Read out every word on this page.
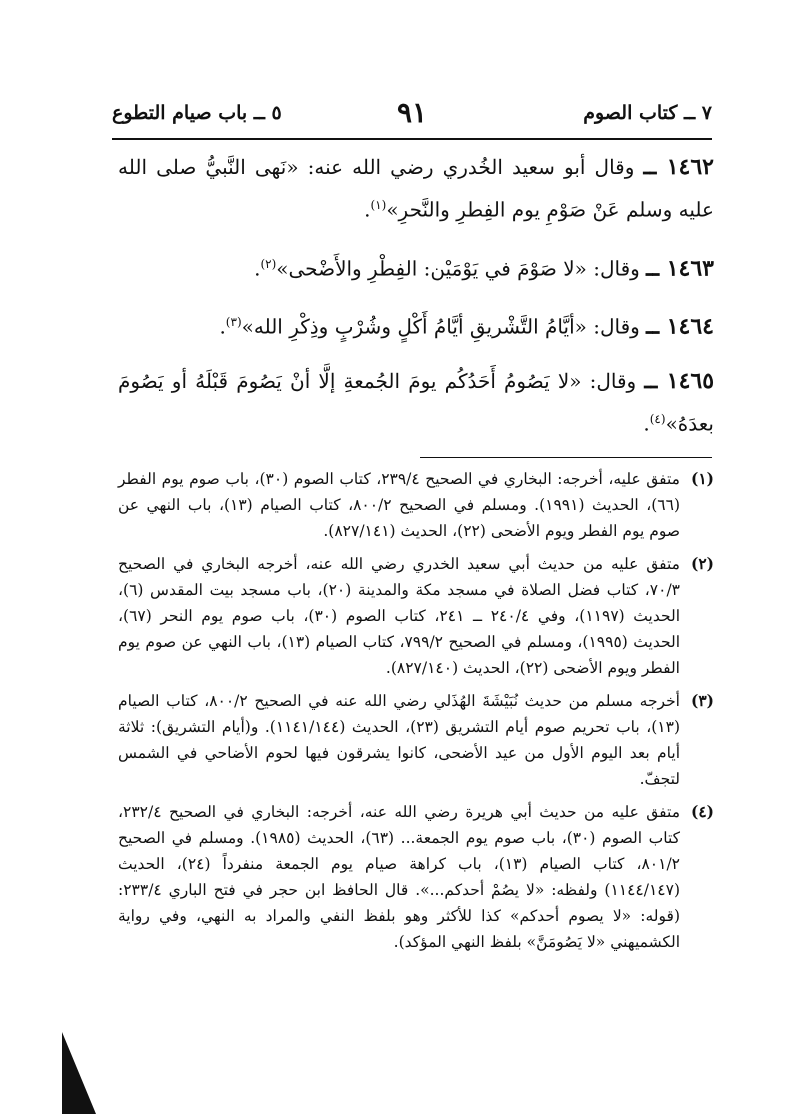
٧ ــ كتاب الصوم
٩١
٥ ــ باب صيام التطوع

١٤٦٢ ــ وقال أبو سعيد الخُدري رضي الله عنه: «نَهى النَّبيُّ صلى الله عليه وسلم عَنْ صَوْمِ يوم الفِطرِ والنَّحرِ»$^{(١)}$.

١٤٦٣ ــ وقال: «لا صَوْمَ في يَوْمَيْن: الفِطْرِ والأَضْحى»$^{(٢)}$.

١٤٦٤ ــ وقال: «أيَّامُ التَّشْريقِ أيَّامُ أَكْلٍ وشُرْبٍ وذِكْرِ الله»$^{(٣)}$.

١٤٦٥ ــ وقال: «لا يَصُومُ أَحَدُكُم يومَ الجُمعةِ إلَّا أنْ يَصُومَ قَبْلَهُ أو يَصُومَ بعدَهُ»$^{(٤)}$.

(١)
متفق عليه، أخرجه: البخاري في الصحيح ٢٣٩/٤، كتاب الصوم (٣٠)، باب صوم يوم الفطر (٦٦)، الحديث (١٩٩١). ومسلم في الصحيح ٨٠٠/٢، كتاب الصيام (١٣)، باب النهي عن صوم يوم الفطر ويوم الأضحى (٢٢)، الحديث (٨٢٧/١٤١).
(٢)
متفق عليه من حديث أبي سعيد الخدري رضي الله عنه، أخرجه البخاري في الصحيح ٧٠/٣، كتاب فضل الصلاة في مسجد مكة والمدينة (٢٠)، باب مسجد بيت المقدس (٦)، الحديث (١١٩٧)، وفي ٢٤٠/٤ ــ ٢٤١، كتاب الصوم (٣٠)، باب صوم يوم النحر (٦٧)، الحديث (١٩٩٥)، ومسلم في الصحيح ٧٩٩/٢، كتاب الصيام (١٣)، باب النهي عن صوم يوم الفطر ويوم الأضحى (٢٢)، الحديث (٨٢٧/١٤٠).
(٣)
أخرجه مسلم من حديث نُبَيْشَةَ الهُذَلي رضي الله عنه في الصحيح ٨٠٠/٢، كتاب الصيام (١٣)، باب تحريم صوم أيام التشريق (٢٣)، الحديث (١١٤١/١٤٤). و(أيام التشريق): ثلاثة أيام بعد اليوم الأول من عيد الأضحى، كانوا يشرقون فيها لحوم الأضاحي في الشمس لتجفّ.
(٤)
متفق عليه من حديث أبي هريرة رضي الله عنه، أخرجه: البخاري في الصحيح ٢٣٢/٤، كتاب الصوم (٣٠)، باب صوم يوم الجمعة... (٦٣)، الحديث (١٩٨٥). ومسلم في الصحيح ٨٠١/٢، كتاب الصيام (١٣)، باب كراهة صيام يوم الجمعة منفرداً (٢٤)، الحديث (١١٤٤/١٤٧) ولفظه: «لا يصُمْ أحدكم...». قال الحافظ ابن حجر في فتح الباري ٢٣٣/٤: (قوله: «لا يصوم أحدكم» كذا للأكثر وهو بلفظ النفي والمراد به النهي، وفي رواية الكشميهني «لا يَصُومَنَّ» بلفظ النهي المؤكد).
